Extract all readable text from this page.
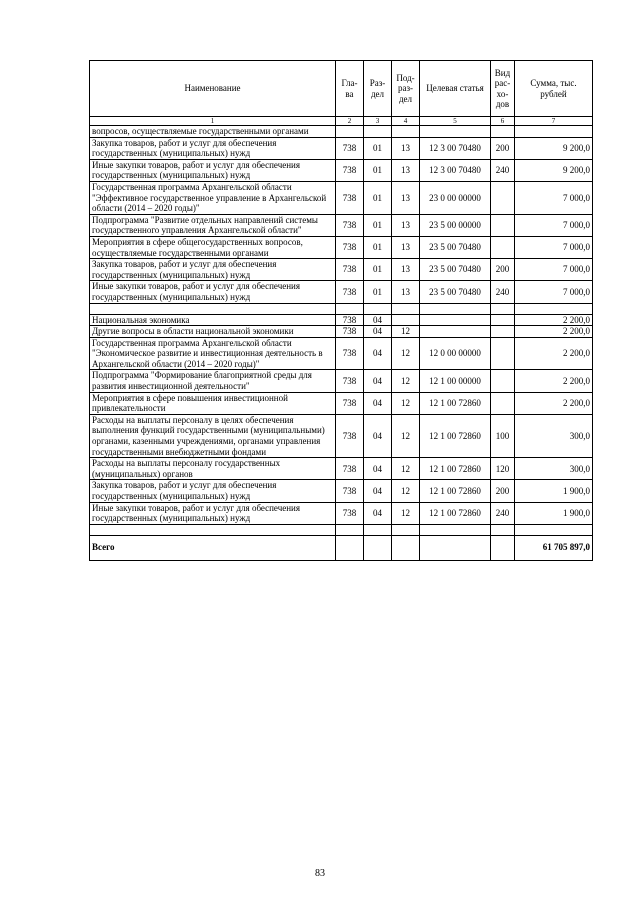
Наименование	Гла-ва	Раз-дел	Под-раз-дел	Целевая статья	Вид рас-хо-дов	Сумма, тыс. рублей
1	2	3	4	5	6	7
вопросов, осуществляемые государственными органами						
Закупка товаров, работ и услуг для обеспечения государственных (муниципальных) нужд	738	01	13	12 3 00 70480	200	9 200,0
Иные закупки товаров, работ и услуг для обеспечения государственных (муниципальных) нужд	738	01	13	12 3 00 70480	240	9 200,0
Государственная программа Архангельской области "Эффективное государственное управление в Архангельской области (2014 – 2020 годы)"	738	01	13	23 0 00 00000		7 000,0
Подпрограмма "Развитие отдельных направлений системы государственного управления Архангельской области"	738	01	13	23 5 00 00000		7 000,0
Мероприятия в сфере общегосударственных вопросов, осуществляемые государственными органами	738	01	13	23 5 00 70480		7 000,0
Закупка товаров, работ и услуг для обеспечения государственных (муниципальных) нужд	738	01	13	23 5 00 70480	200	7 000,0
Иные закупки товаров, работ и услуг для обеспечения государственных (муниципальных) нужд	738	01	13	23 5 00 70480	240	7 000,0

Национальная экономика	738	04				2 200,0
Другие вопросы в области национальной экономики	738	04	12			2 200,0
Государственная программа Архангельской области "Экономическое развитие и инвестиционная деятельность в Архангельской области (2014 – 2020 годы)"	738	04	12	12 0 00 00000		2 200,0
Подпрограмма "Формирование благоприятной среды для развития инвестиционной деятельности"	738	04	12	12 1 00 00000		2 200,0
Мероприятия в сфере повышения инвестиционной привлекательности	738	04	12	12 1 00 72860		2 200,0
Расходы на выплаты персоналу в целях обеспечения выполнения функций государственными (муниципальными) органами, казенными учреждениями, органами управления государственными внебюджетными фондами	738	04	12	12 1 00 72860	100	300,0
Расходы на выплаты персоналу государственных (муниципальных) органов	738	04	12	12 1 00 72860	120	300,0
Закупка товаров, работ и услуг для обеспечения государственных (муниципальных) нужд	738	04	12	12 1 00 72860	200	1 900,0
Иные закупки товаров, работ и услуг для обеспечения государственных (муниципальных) нужд	738	04	12	12 1 00 72860	240	1 900,0

Всего						61 705 897,0
83
